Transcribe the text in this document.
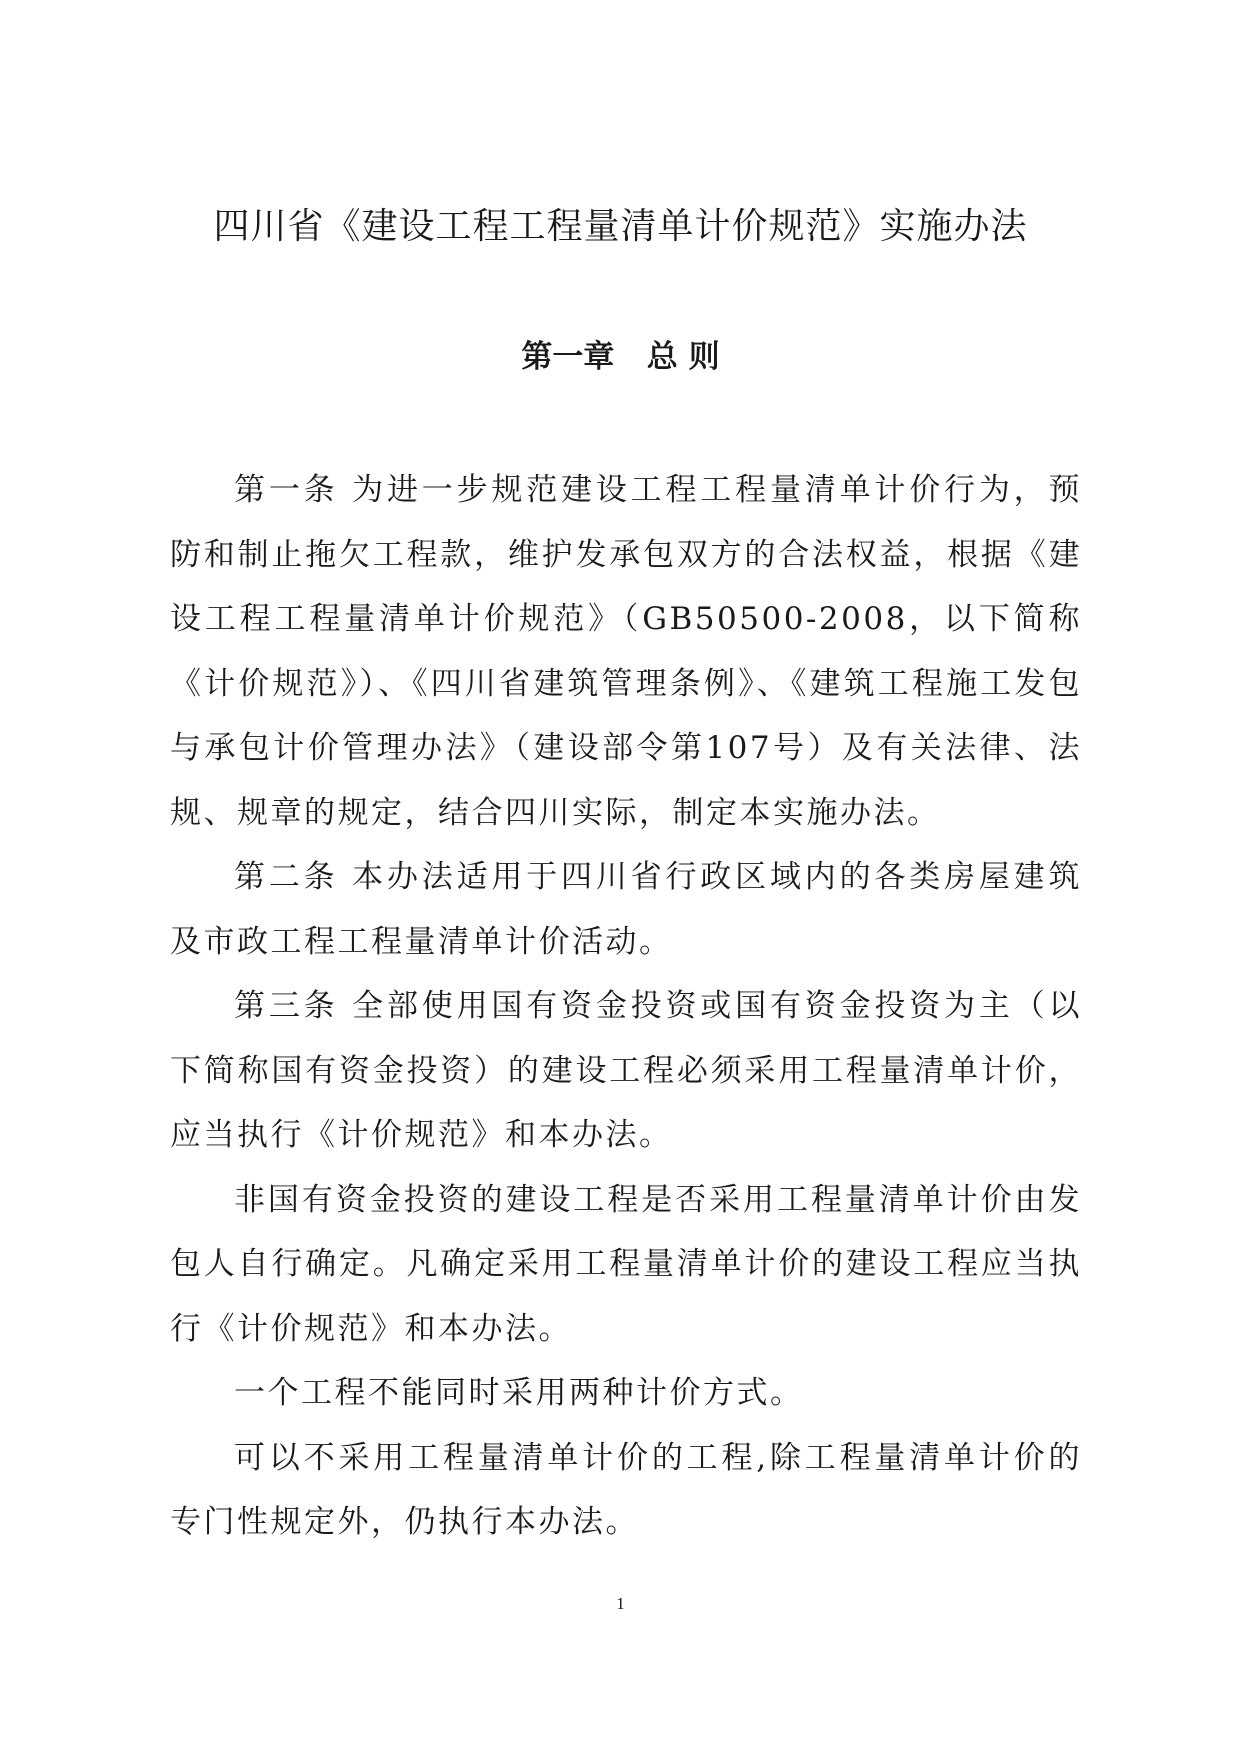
四川省《建设工程工程量清单计价规范》实施办法
第一章   总 则

第一条 为进一步规范建设工程工程量清单计价行为，预防和制止拖欠工程款，维护发承包双方的合法权益，根据《建设工程工程量清单计价规范》（GB50500-2008，以下简称《计价规范》）、《四川省建筑管理条例》、《建筑工程施工发包与承包计价管理办法》（建设部令第107号）及有关法律、法规、规章的规定，结合四川实际，制定本实施办法。

第二条 本办法适用于四川省行政区域内的各类房屋建筑及市政工程工程量清单计价活动。

第三条 全部使用国有资金投资或国有资金投资为主（以下简称国有资金投资）的建设工程必须采用工程量清单计价，应当执行《计价规范》和本办法。

非国有资金投资的建设工程是否采用工程量清单计价由发包人自行确定。凡确定采用工程量清单计价的建设工程应当执行《计价规范》和本办法。

一个工程不能同时采用两种计价方式。

可以不采用工程量清单计价的工程,除工程量清单计价的专门性规定外，仍执行本办法。

1
